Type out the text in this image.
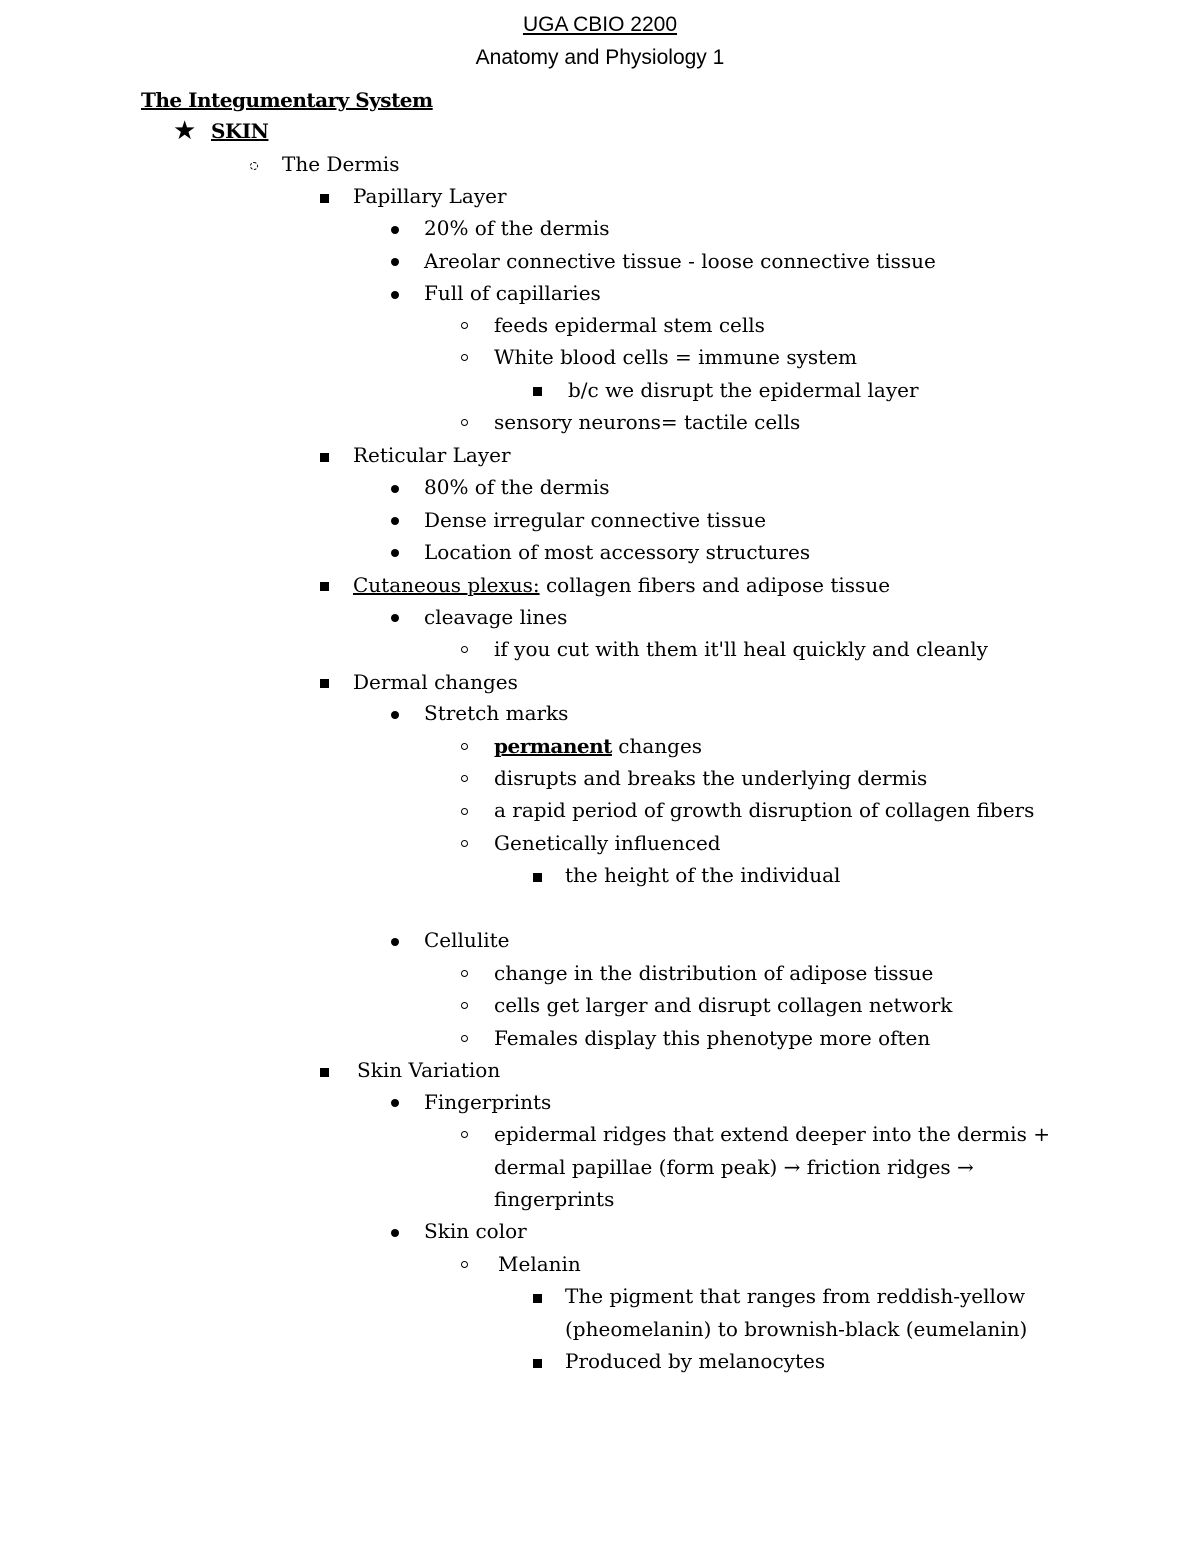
UGA CBIO 2200
Anatomy and Physiology 1
The Integumentary System
★ SKIN
The Dermis
Papillary Layer
20% of the dermis
Areolar connective tissue - loose connective tissue
Full of capillaries
feeds epidermal stem cells
White blood cells = immune system
b/c we disrupt the epidermal layer
sensory neurons= tactile cells
Reticular Layer
80% of the dermis
Dense irregular connective tissue
Location of most accessory structures
Cutaneous plexus: collagen fibers and adipose tissue
cleavage lines
if you cut with them it'll heal quickly and cleanly
Dermal changes
Stretch marks
permanent changes
disrupts and breaks the underlying dermis
a rapid period of growth disruption of collagen fibers
Genetically influenced
the height of the individual
Cellulite
change in the distribution of adipose tissue
cells get larger and disrupt collagen network
Females display this phenotype more often
Skin Variation
Fingerprints
epidermal ridges that extend deeper into the dermis +
dermal papillae (form peak) → friction ridges →
fingerprints
Skin color
Melanin
The pigment that ranges from reddish-yellow
(pheomelanin) to brownish-black (eumelanin)
Produced by melanocytes
